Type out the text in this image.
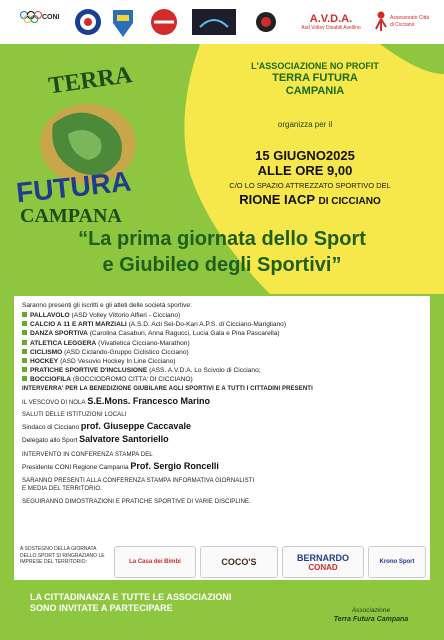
CONI	A.V.D.A.
Asd Volley Disabili Avellino
Assessorato Città di Cicciano
TERRA
FUTURA
CAMPANA
L'ASSOCIAZIONE NO PROFIT
TERRA FUTURA
CAMPANIA
organizza per il
15 GIUGNO2025
ALLE ORE 9,00
C/O LO SPAZIO ATTREZZATO SPORTIVO DEL
RIONE IACP DI CICCIANO
“La prima giornata dello Sport
e Giubileo degli Sportivi”
Saranno presenti gli iscritti e gli atleti delle società sportive:
PALLAVOLO (ASD Volley Vittorio Alfieri - Cicciano)
CALCIO A 11 E ARTI MARZIALI (A.S.D. Acli Sei-Do-Kan A.P.S. di Cicciano-Marigliano)
DANZA SPORTIVA (Carolina Casaburi, Anna Ragucci, Lucia Gala e Pina Pascarella)
ATLETICA LEGGERA (Vivatletica Cicciano-Marathon)
CICLISMO (ASD Ciclando-Gruppo Ciclistico Cicciano)
HOCKEY (ASD Vesuvio Hockey In Line Cicciano)
PRATICHE SPORTIVE D'INCLUSIONE (ASS. A.V.D.A. Lo Scivolo di Cicciano;
BOCCIOFILA (BOCCIODROMO CITTA' DI CICCIANO)
INTERVERRA' PER LA BENEDIZIONE GIUBILARE AGLI SPORTIVI E A TUTTI I CITTADINI PRESENTI
IL VESCOVO DI NOLA S.E.Mons. Francesco Marino
SALUTI DELLE ISTITUZIONI LOCALI
Sindaco di Cicciano prof. Giuseppe Caccavale
Delegato allo Sport Salvatore Santoriello
INTERVENTO IN CONFERENZA STAMPA DEL
Presidente CONI Regione Campania Prof. Sergio Roncelli
SARANNO PRESENTI ALLA CONFERENZA STAMPA INFORMATIVA GIORNALISTI
E MEDIA DEL TERRITORIO.
SEGUIRANNO DIMOSTRAZIONI E PRATICHE SPORTIVE DI VARIE DISCIPLINE.
A SOSTEGNO DELLA GIORNATA DELLO SPORT SI RINGRAZIANO LE IMPRESE DEL TERRITORIO:	La Casa dei Bimbi	COCO'S	BERNARDO
CONAD
Krono Sport
LA CITTADINANZA E TUTTE LE ASSOCIAZIONI
SONO INVITATE A PARTECIPARE	Associazione
Terra Futura Campana
